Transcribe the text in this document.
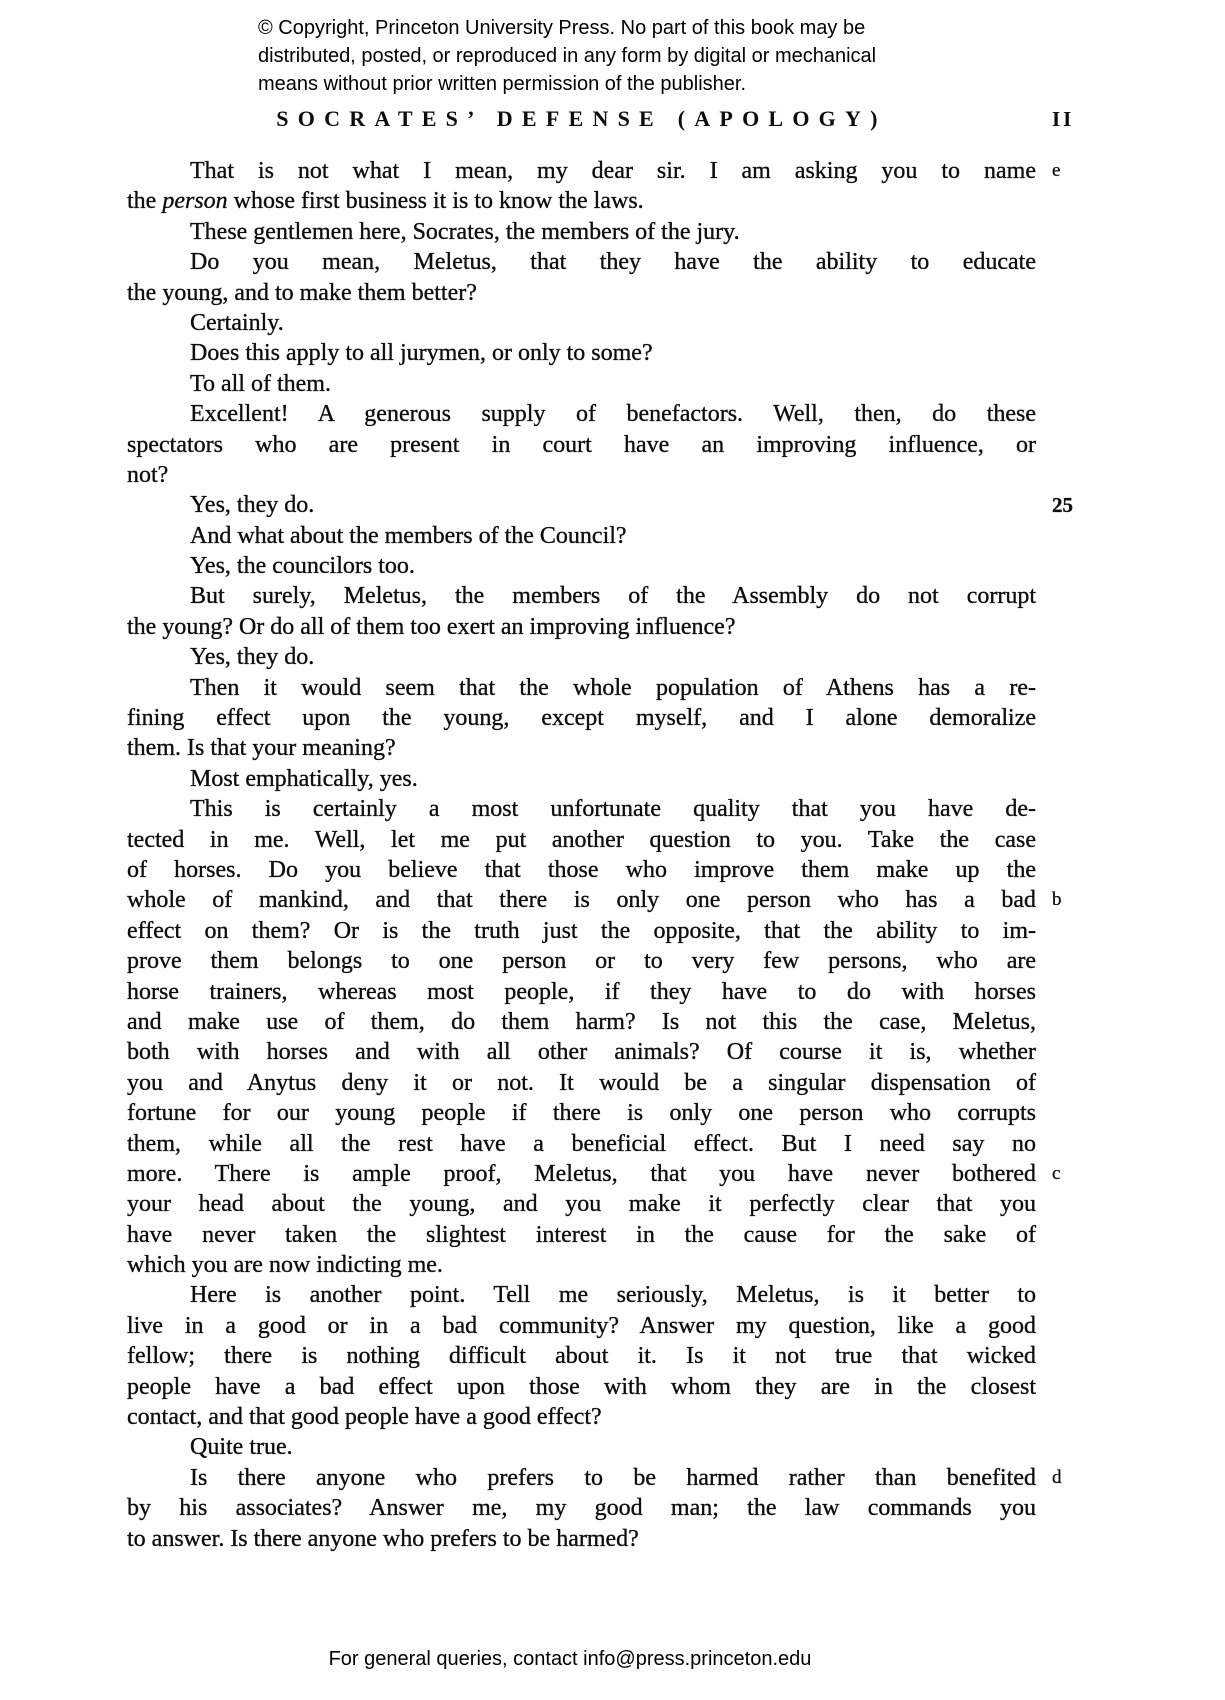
© Copyright, Princeton University Press. No part of this book may be
distributed, posted, or reproduced in any form by digital or mechanical
means without prior written permission of the publisher.
SOCRATES’ DEFENSE (APOLOGY)	II
That is not what I mean, my dear sir. I am asking you to name e
the person whose first business it is to know the laws.
These gentlemen here, Socrates, the members of the jury.
Do you mean, Meletus, that they have the ability to educate
the young, and to make them better?
Certainly.
Does this apply to all jurymen, or only to some?
To all of them.
Excellent! A generous supply of benefactors. Well, then, do these
spectators who are present in court have an improving influence, or
not?
Yes, they do.	25
And what about the members of the Council?
Yes, the councilors too.
But surely, Meletus, the members of the Assembly do not corrupt
the young? Or do all of them too exert an improving influence?
Yes, they do.
Then it would seem that the whole population of Athens has a re-
fining effect upon the young, except myself, and I alone demoralize
them. Is that your meaning?
Most emphatically, yes.
This is certainly a most unfortunate quality that you have de-
tected in me. Well, let me put another question to you. Take the case
of horses. Do you believe that those who improve them make up the
whole of mankind, and that there is only one person who has a bad b
effect on them? Or is the truth just the opposite, that the ability to im-
prove them belongs to one person or to very few persons, who are
horse trainers, whereas most people, if they have to do with horses
and make use of them, do them harm? Is not this the case, Meletus,
both with horses and with all other animals? Of course it is, whether
you and Anytus deny it or not. It would be a singular dispensation of
fortune for our young people if there is only one person who corrupts
them, while all the rest have a beneficial effect. But I need say no
more. There is ample proof, Meletus, that you have never bothered c
your head about the young, and you make it perfectly clear that you
have never taken the slightest interest in the cause for the sake of
which you are now indicting me.
Here is another point. Tell me seriously, Meletus, is it better to
live in a good or in a bad community? Answer my question, like a good
fellow; there is nothing difficult about it. Is it not true that wicked
people have a bad effect upon those with whom they are in the closest
contact, and that good people have a good effect?
Quite true.
Is there anyone who prefers to be harmed rather than benefited d
by his associates? Answer me, my good man; the law commands you
to answer. Is there anyone who prefers to be harmed?
For general queries, contact info@press.princeton.edu
